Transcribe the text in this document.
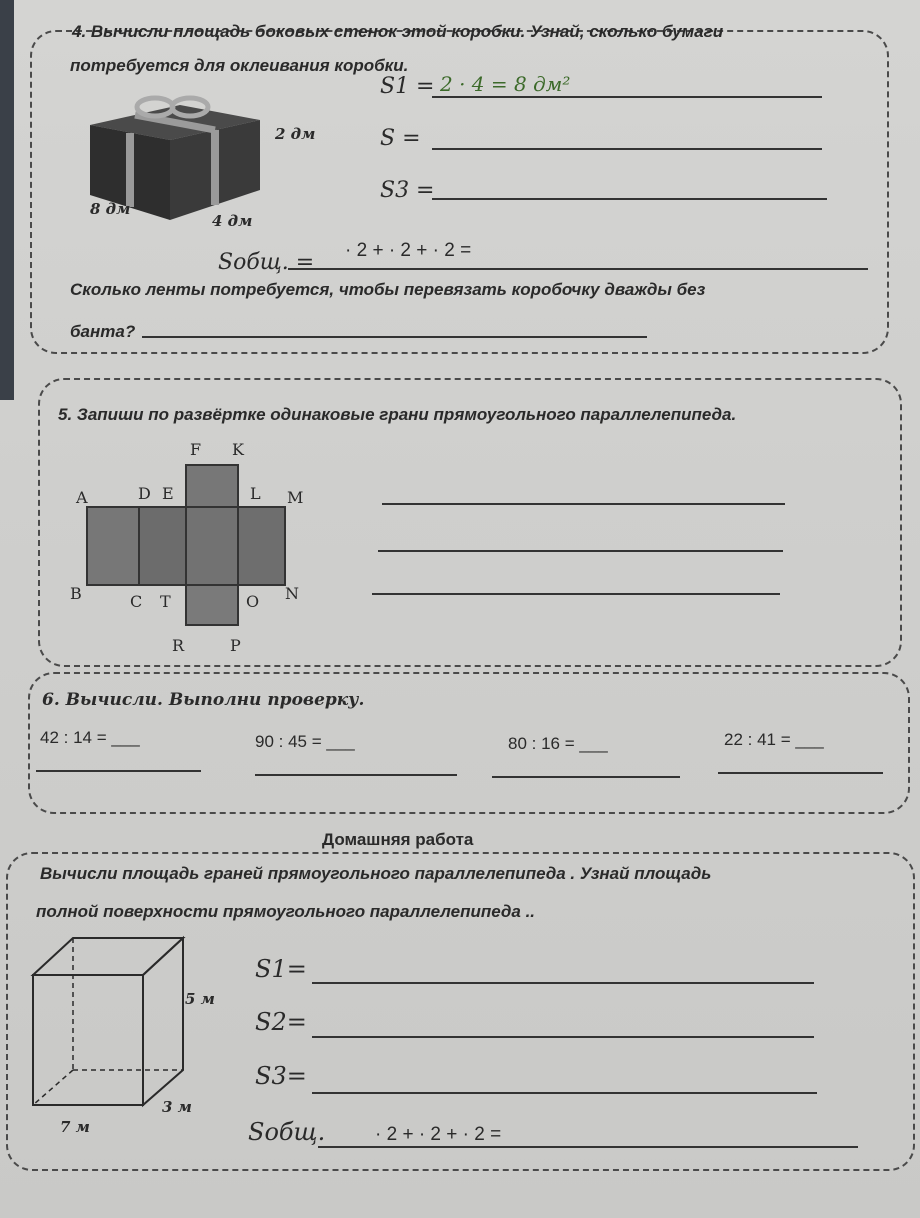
4. Вычисли площадь боковых стенок этой коробки. Узнай, сколько бумаги
потребуется для оклеивания коробки.
2 дм
8 дм
4 дм
S1 = 2 · 4 = 8 дм²
S =
S3 =
Sобщ. = · 2 + · 2 + · 2 =
Сколько ленты потребуется, чтобы перевязать коробочку дважды без
банта?
5. Запиши по развёртке одинаковые грани прямоугольного параллелепипеда.
F K
A	D E	L M
B	C T	O N
R	P
6. Вычисли. Выполни проверку.
42 : 14 = ___	90 : 45 = ___	80 : 16 = ___	22 : 41 = ___
Домашняя работа
Вычисли площадь граней прямоугольного параллелепипеда . Узнай площадь
полной поверхности прямоугольного параллелепипеда ..
5 м
3 м
7 м
S1=
S2=
S3=
Sобщ.	· 2 + · 2 + · 2 =
